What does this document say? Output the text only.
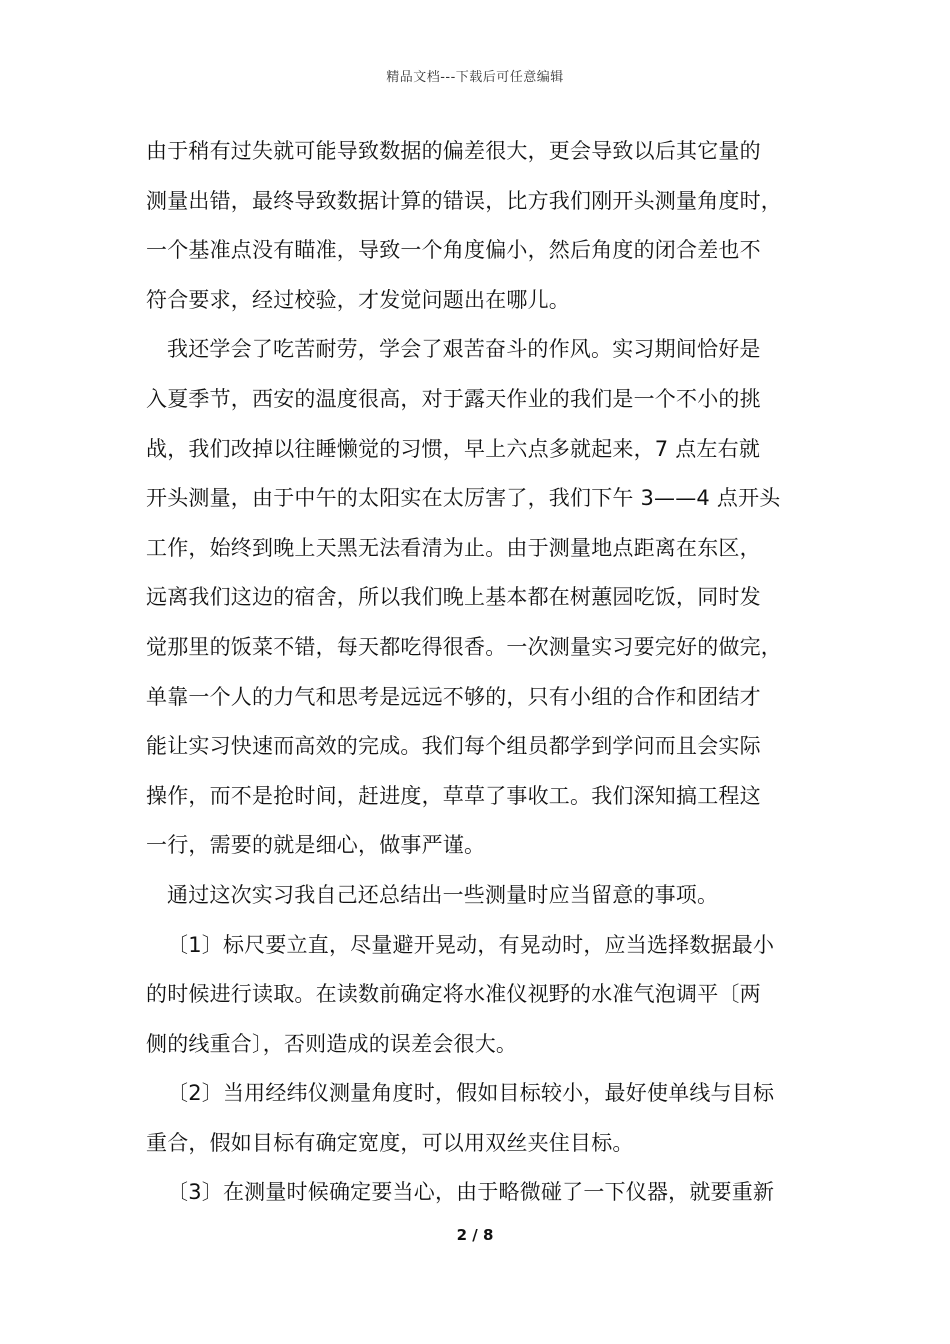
精品文档---下载后可任意编辑
由于稍有过失就可能导致数据的偏差很大，更会导致以后其它量的
测量出错，最终导致数据计算的错误，比方我们刚开头测量角度时，
一个基准点没有瞄准，导致一个角度偏小，然后角度的闭合差也不
符合要求，经过校验，才发觉问题出在哪儿。
我还学会了吃苦耐劳，学会了艰苦奋斗的作风。实习期间恰好是
入夏季节，西安的温度很高，对于露天作业的我们是一个不小的挑
战，我们改掉以往睡懒觉的习惯，早上六点多就起来，7 点左右就
开头测量，由于中午的太阳实在太厉害了，我们下午 3——4 点开头
工作，始终到晚上天黑无法看清为止。由于测量地点距离在东区，
远离我们这边的宿舍，所以我们晚上基本都在树蕙园吃饭，同时发
觉那里的饭菜不错，每天都吃得很香。一次测量实习要完好的做完，
单靠一个人的力气和思考是远远不够的，只有小组的合作和团结才
能让实习快速而高效的完成。我们每个组员都学到学问而且会实际
操作，而不是抢时间，赶进度，草草了事收工。我们深知搞工程这
一行，需要的就是细心，做事严谨。
通过这次实习我自己还总结出一些测量时应当留意的事项。
〔1〕标尺要立直，尽量避开晃动，有晃动时，应当选择数据最小
的时候进行读取。在读数前确定将水准仪视野的水准气泡调平〔两
侧的线重合〕，否则造成的误差会很大。
〔2〕当用经纬仪测量角度时，假如目标较小，最好使单线与目标
重合，假如目标有确定宽度，可以用双丝夹住目标。
〔3〕在测量时候确定要当心，由于略微碰了一下仪器，就要重新
2 / 8
